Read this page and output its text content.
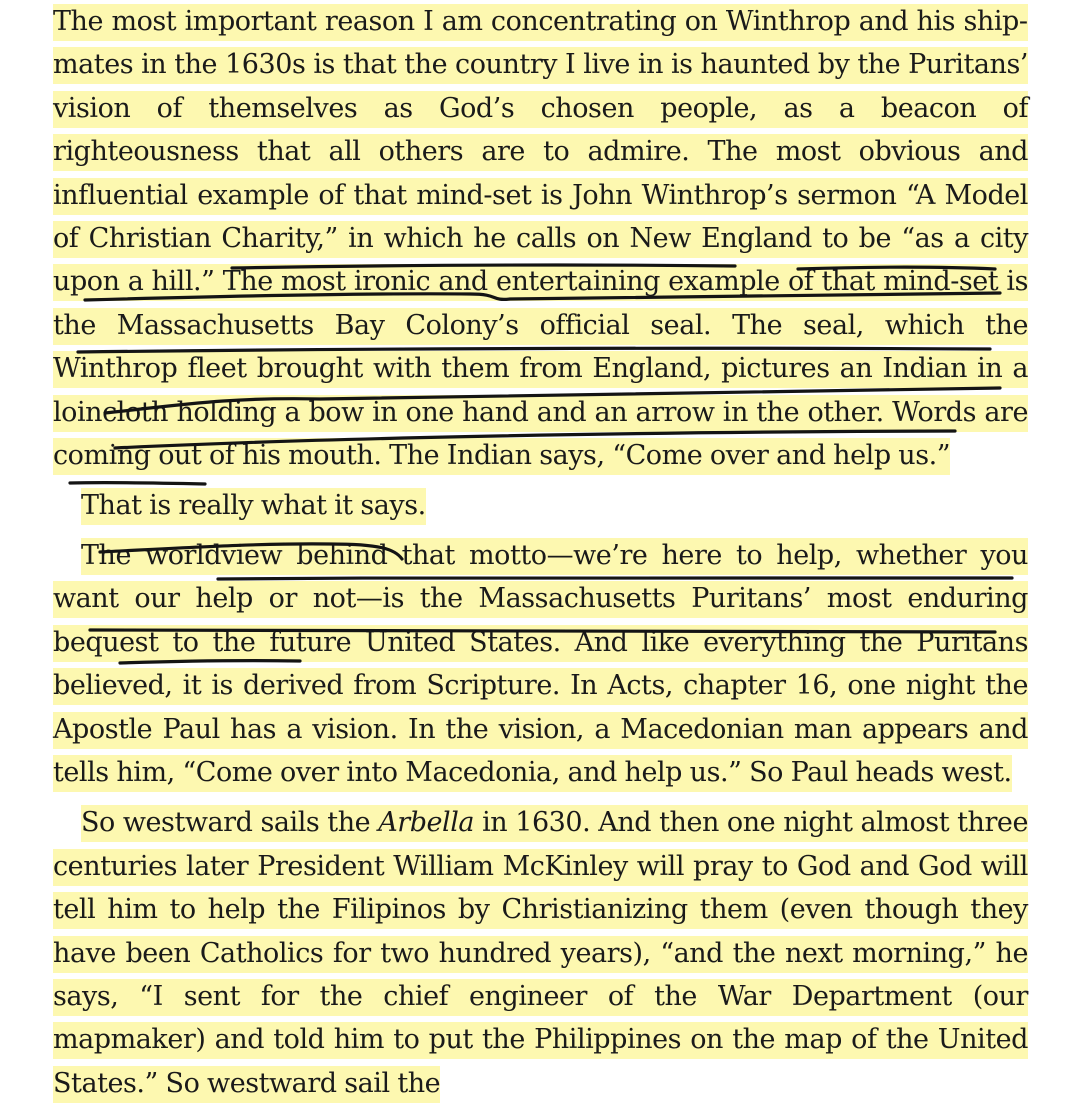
The most important reason I am concentrating on Winthrop and his shipmates in the 1630s is that the country I live in is haunted by the Puritans’ vision of themselves as God’s chosen people, as a beacon of righteousness that all others are to admire. The most obvious and influential example of that mind-set is John Winthrop’s sermon “A Model of Christian Charity,” in which he calls on New England to be “as a city upon a hill.” The most ironic and entertaining example of that mind-set is the Massachusetts Bay Colony’s official seal. The seal, which the Winthrop fleet brought with them from England, pictures an Indian in a loincloth holding a bow in one hand and an arrow in the other. Words are coming out of his mouth. The Indian says, “Come over and help us.”

That is really what it says.

The worldview behind that motto—we’re here to help, whether you want our help or not—is the Massachusetts Puritans’ most enduring bequest to the future United States. And like everything the Puritans believed, it is derived from Scripture. In Acts, chapter 16, one night the Apostle Paul has a vision. In the vision, a Macedonian man appears and tells him, “Come over into Macedonia, and help us.” So Paul heads west.

So westward sails the Arbella in 1630. And then one night almost three centuries later President William McKinley will pray to God and God will tell him to help the Filipinos by Christianizing them (even though they have been Catholics for two hundred years), “and the next morning,” he says, “I sent for the chief engineer of the War Department (our mapmaker) and told him to put the Philippines on the map of the United States.” So westward sail the
